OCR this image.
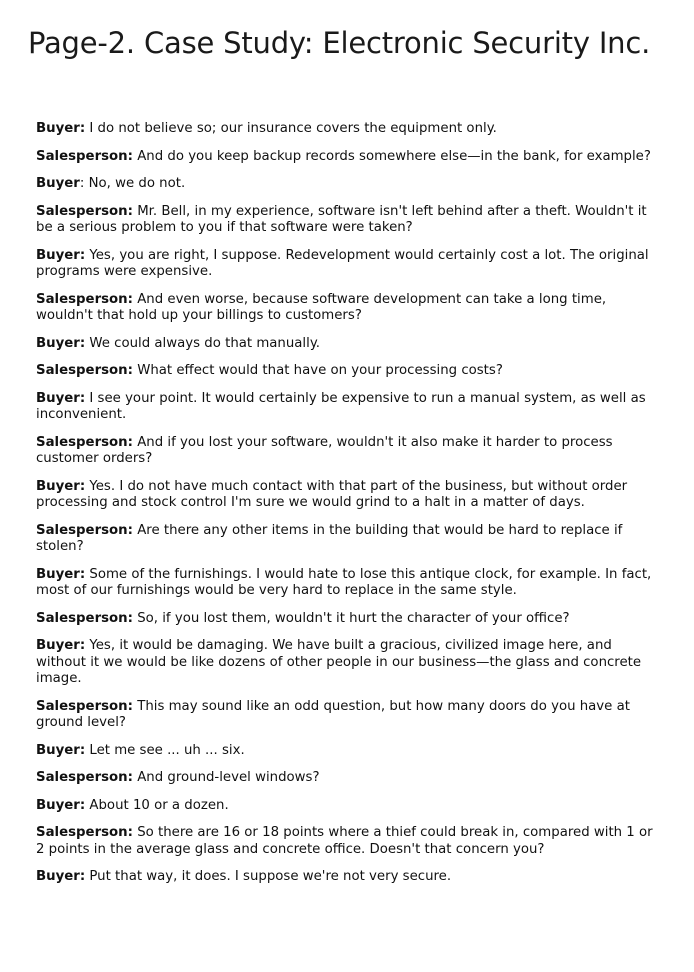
Page-2. Case Study: Electronic Security Inc.

Buyer: I do not believe so; our insurance covers the equipment only.

Salesperson: And do you keep backup records somewhere else—in the bank, for example?

Buyer: No, we do not.

Salesperson: Mr. Bell, in my experience, software isn't left behind after a theft. Wouldn't it be a serious problem to you if that software were taken?

Buyer: Yes, you are right, I suppose. Redevelopment would certainly cost a lot. The original programs were expensive.

Salesperson: And even worse, because software development can take a long time, wouldn't that hold up your billings to customers?

Buyer: We could always do that manually.

Salesperson: What effect would that have on your processing costs?

Buyer: I see your point. It would certainly be expensive to run a manual system, as well as inconvenient.

Salesperson: And if you lost your software, wouldn't it also make it harder to process customer orders?

Buyer: Yes. I do not have much contact with that part of the business, but without order processing and stock control I'm sure we would grind to a halt in a matter of days.

Salesperson: Are there any other items in the building that would be hard to replace if stolen?

Buyer: Some of the furnishings. I would hate to lose this antique clock, for example. In fact, most of our furnishings would be very hard to replace in the same style.

Salesperson: So, if you lost them, wouldn't it hurt the character of your office?

Buyer: Yes, it would be damaging. We have built a gracious, civilized image here, and without it we would be like dozens of other people in our business—the glass and concrete image.

Salesperson: This may sound like an odd question, but how many doors do you have at ground level?

Buyer: Let me see ... uh ... six.

Salesperson: And ground-level windows?

Buyer: About 10 or a dozen.

Salesperson: So there are 16 or 18 points where a thief could break in, compared with 1 or 2 points in the average glass and concrete office. Doesn't that concern you?

Buyer: Put that way, it does. I suppose we're not very secure.
